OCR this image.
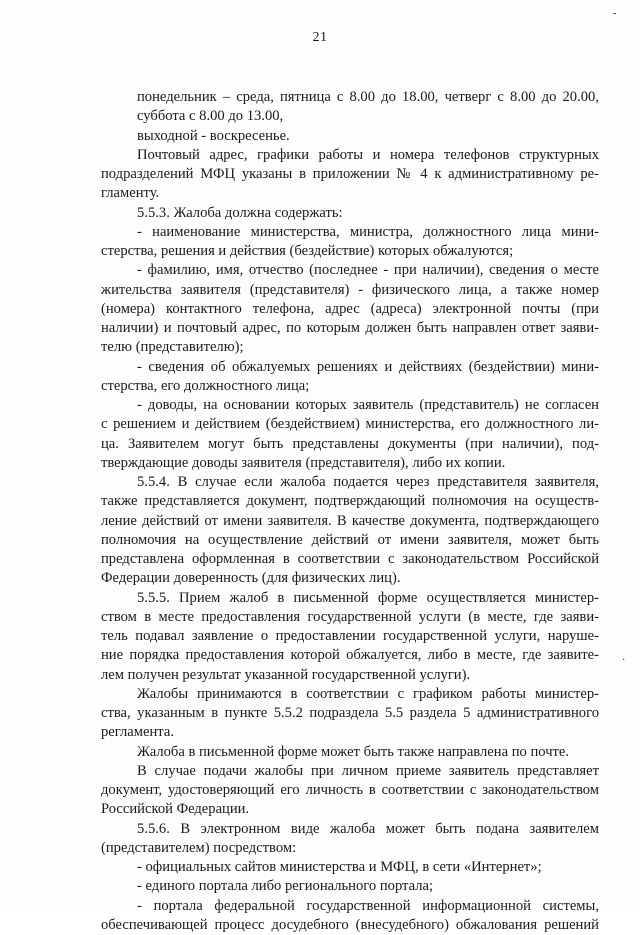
-
21
·
понедельник – среда, пятница с 8.00 до 18.00, четверг с 8.00 до 20.00,
суббота с 8.00 до 13.00,
выходной - воскресенье.
Почтовый адрес, графики работы и номера телефонов структурных
подразделений МФЦ указаны в приложении № 4 к административному ре-
гламенту.
5.5.3. Жалоба должна содержать:
- наименование министерства, министра, должностного лица мини-
стерства, решения и действия (бездействие) которых обжалуются;
- фамилию, имя, отчество (последнее - при наличии), сведения о месте
жительства заявителя (представителя) - физического лица, а также номер
(номера) контактного телефона, адрес (адреса) электронной почты (при
наличии) и почтовый адрес, по которым должен быть направлен ответ заяви-
телю (представителю);
- сведения об обжалуемых решениях и действиях (бездействии) мини-
стерства, его должностного лица;
- доводы, на основании которых заявитель (представитель) не согласен
с решением и действием (бездействием) министерства, его должностного ли-
ца. Заявителем могут быть представлены документы (при наличии), под-
тверждающие доводы заявителя (представителя), либо их копии.
5.5.4. В случае если жалоба подается через представителя заявителя,
также представляется документ, подтверждающий полномочия на осуществ-
ление действий от имени заявителя. В качестве документа, подтверждающего
полномочия на осуществление действий от имени заявителя, может быть
представлена оформленная в соответствии с законодательством Российской
Федерации доверенность (для физических лиц).
5.5.5. Прием жалоб в письменной форме осуществляется министер-
ством в месте предоставления государственной услуги (в месте, где заяви-
тель подавал заявление о предоставлении государственной услуги, наруше-
ние порядка предоставления которой обжалуется, либо в месте, где заявите-
лем получен результат указанной государственной услуги).
Жалобы принимаются в соответствии с графиком работы министер-
ства, указанным в пункте 5.5.2 подраздела 5.5 раздела 5 административного
регламента.
Жалоба в письменной форме может быть также направлена по почте.
В случае подачи жалобы при личном приеме заявитель представляет
документ, удостоверяющий его личность в соответствии с законодательством
Российской Федерации.
5.5.6. В электронном виде жалоба может быть подана заявителем
(представителем) посредством:
- официальных сайтов министерства и МФЦ, в сети «Интернет»;
- единого портала либо регионального портала;
- портала федеральной государственной информационной системы,
обеспечивающей процесс досудебного (внесудебного) обжалования решений
